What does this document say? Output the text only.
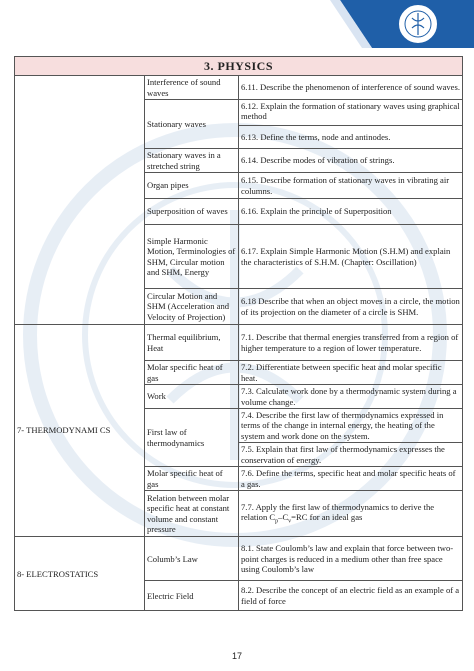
3. PHYSICS		
	Interference of sound waves	6.11. Describe the phenomenon of interference of sound waves.

	Stationary waves	6.12. Explain the formation of stationary waves using graphical method
6.13. Define the terms, node and antinodes.

	Stationary waves in a stretched string	6.14. Describe modes of vibration of strings.
	Organ pipes	6.15. Describe formation of stationary waves in vibrating air columns.
	Superposition of waves	6.16. Explain the principle of Superposition
	Simple Harmonic Motion, Terminologies of SHM, Circular motion and SHM, Energy	6.17. Explain Simple Harmonic Motion (S.H.M) and explain the characteristics of S.H.M. (Chapter: Oscillation)
	Circular Motion and SHM (Acceleration and Velocity of Projection)	6.18 Describe that when an object moves in a circle, the motion of its projection on the diameter of a circle is SHM.
7- THERMODYNAMI CS	Thermal equilibrium, Heat	7.1. Describe that thermal energies transferred from a region of higher temperature to a region of lower temperature.
	Molar specific heat of gas	7.2. Differentiate between specific heat and molar specific heat.
	Work	7.3. Calculate work done by a thermodynamic system during a volume change.
	First law of thermodynamics	7.4. Describe the first law of thermodynamics expressed in terms of the change in internal energy, the heating of the system and work done on the system.
7.5. Explain that first law of thermodynamics expresses the conservation of energy.

	Molar specific heat of gas	7.6. Define the terms, specific heat and molar specific heats of a gas.
	Relation between molar specific heat at constant volume and constant pressure	7.7. Apply the first law of thermodynamics to derive the relation $C_p-C_v=RC$ for an ideal gas
8- ELECTROSTATICS	Columb’s Law	8.1. State Coulomb’s law and explain that force between two-point charges is reduced in a medium other than free space using Coulomb’s law
	Electric Field	8.2. Describe the concept of an electric field as an example of a field of force
17
